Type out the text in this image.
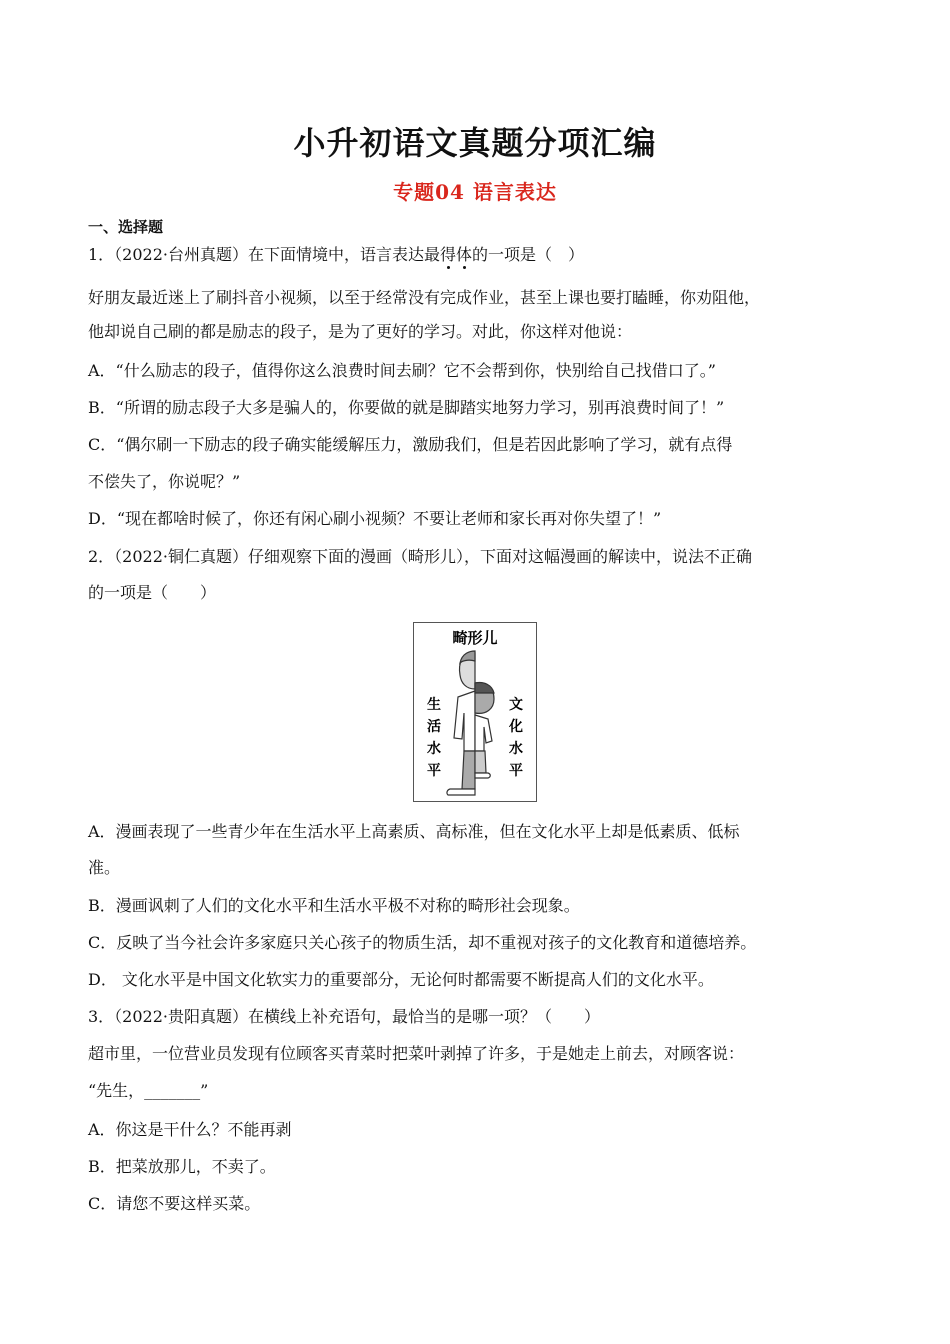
小升初语文真题分项汇编
专题04 语言表达
一、选择题
1．（2022·台州真题）在下面情境中，语言表达最得体的一项是（　）
好朋友最近迷上了刷抖音小视频，以至于经常没有完成作业，甚至上课也要打瞌睡，你劝阻他，
他却说自己刷的都是励志的段子，是为了更好的学习。对此，你这样对他说：
A．“什么励志的段子，值得你这么浪费时间去刷？它不会帮到你，快别给自己找借口了。”
B．“所谓的励志段子大多是骗人的，你要做的就是脚踏实地努力学习，别再浪费时间了！”
C．“偶尔刷一下励志的段子确实能缓解压力，激励我们，但是若因此影响了学习，就有点得
不偿失了，你说呢？”
D．“现在都啥时候了，你还有闲心刷小视频？不要让老师和家长再对你失望了！”
2．（2022·铜仁真题）仔细观察下面的漫画（畸形儿），下面对这幅漫画的解读中，说法不正确
的一项是（　　）
畸形儿
生
活
水
平
文
化
水
平
A．漫画表现了一些青少年在生活水平上高素质、高标准，但在文化水平上却是低素质、低标
准。
B．漫画讽刺了人们的文化水平和生活水平极不对称的畸形社会现象。
C．反映了当今社会许多家庭只关心孩子的物质生活，却不重视对孩子的文化教育和道德培养。
D． 文化水平是中国文化软实力的重要部分，无论何时都需要不断提高人们的文化水平。
3．（2022·贵阳真题）在横线上补充语句，最恰当的是哪一项？（　　）
超市里，一位营业员发现有位顾客买青菜时把菜叶剥掉了许多，于是她走上前去，对顾客说：
“先生，_______”
A．你这是干什么？不能再剥
B．把菜放那儿，不卖了。
C．请您不要这样买菜。
